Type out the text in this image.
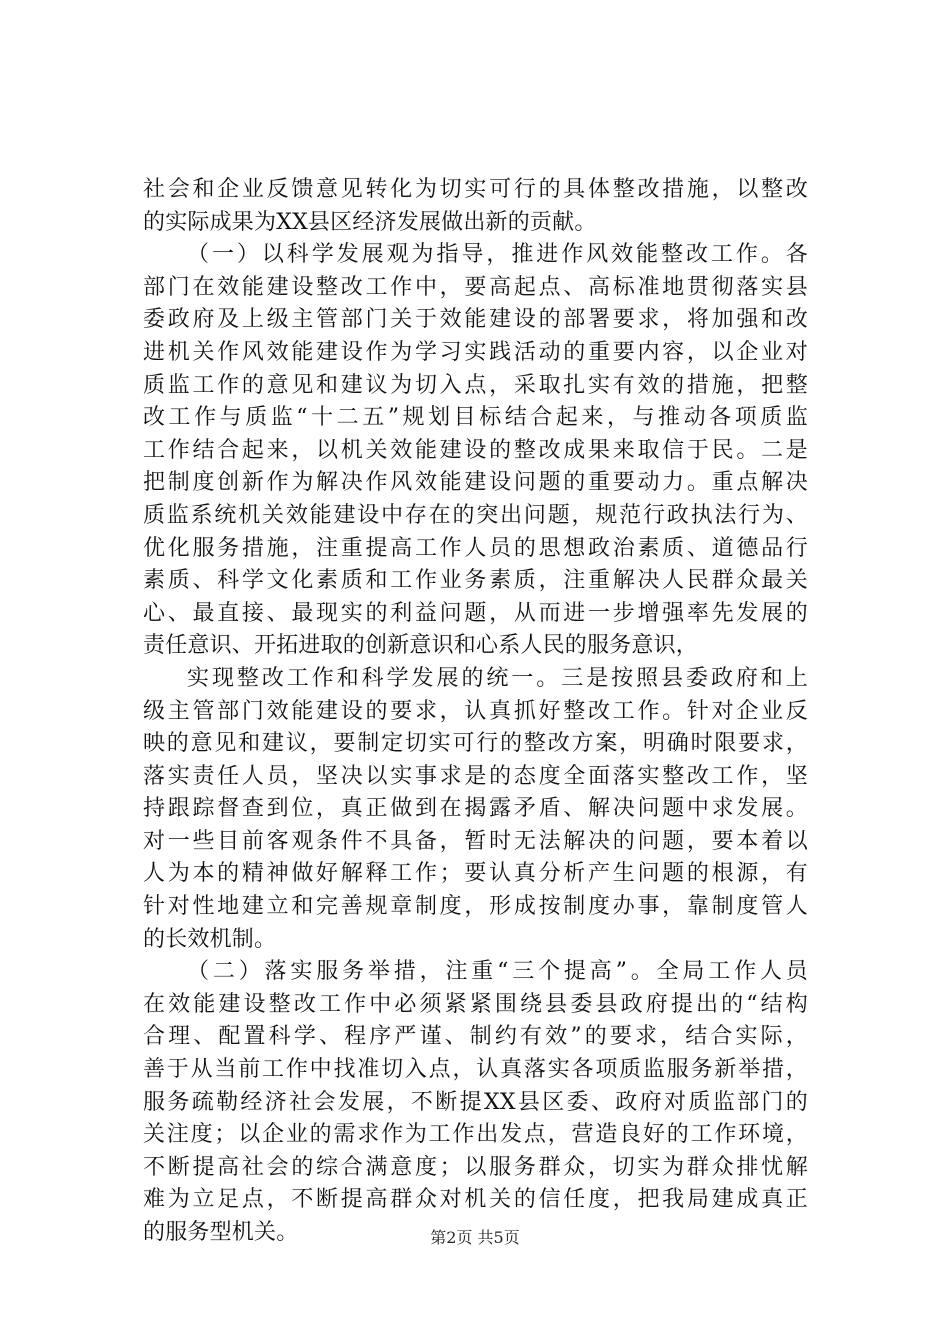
社会和企业反馈意见转化为切实可行的具体整改措施，以整改
的实际成果为XX县区经济发展做出新的贡献。
（一）以科学发展观为指导，推进作风效能整改工作。各
部门在效能建设整改工作中，要高起点、高标准地贯彻落实县
委政府及上级主管部门关于效能建设的部署要求，将加强和改
进机关作风效能建设作为学习实践活动的重要内容，以企业对
质监工作的意见和建议为切入点，采取扎实有效的措施，把整
改工作与质监“十二五”规划目标结合起来，与推动各项质监
工作结合起来，以机关效能建设的整改成果来取信于民。二是
把制度创新作为解决作风效能建设问题的重要动力。重点解决
质监系统机关效能建设中存在的突出问题，规范行政执法行为、
优化服务措施，注重提高工作人员的思想政治素质、道德品行
素质、科学文化素质和工作业务素质，注重解决人民群众最关
心、最直接、最现实的利益问题，从而进一步增强率先发展的
责任意识、开拓进取的创新意识和心系人民的服务意识，
实现整改工作和科学发展的统一。三是按照县委政府和上
级主管部门效能建设的要求，认真抓好整改工作。针对企业反
映的意见和建议，要制定切实可行的整改方案，明确时限要求，
落实责任人员，坚决以实事求是的态度全面落实整改工作，坚
持跟踪督查到位，真正做到在揭露矛盾、解决问题中求发展。
对一些目前客观条件不具备，暂时无法解决的问题，要本着以
人为本的精神做好解释工作；要认真分析产生问题的根源，有
针对性地建立和完善规章制度，形成按制度办事，靠制度管人
的长效机制。
（二）落实服务举措，注重“三个提高”。全局工作人员
在效能建设整改工作中必须紧紧围绕县委县政府提出的“结构
合理、配置科学、程序严谨、制约有效”的要求，结合实际，
善于从当前工作中找准切入点，认真落实各项质监服务新举措，
服务疏勒经济社会发展，不断提XX县区委、政府对质监部门的
关注度；以企业的需求作为工作出发点，营造良好的工作环境，
不断提高社会的综合满意度；以服务群众，切实为群众排忧解
难为立足点，不断提高群众对机关的信任度，把我局建成真正
的服务型机关。	第2页 共5页
